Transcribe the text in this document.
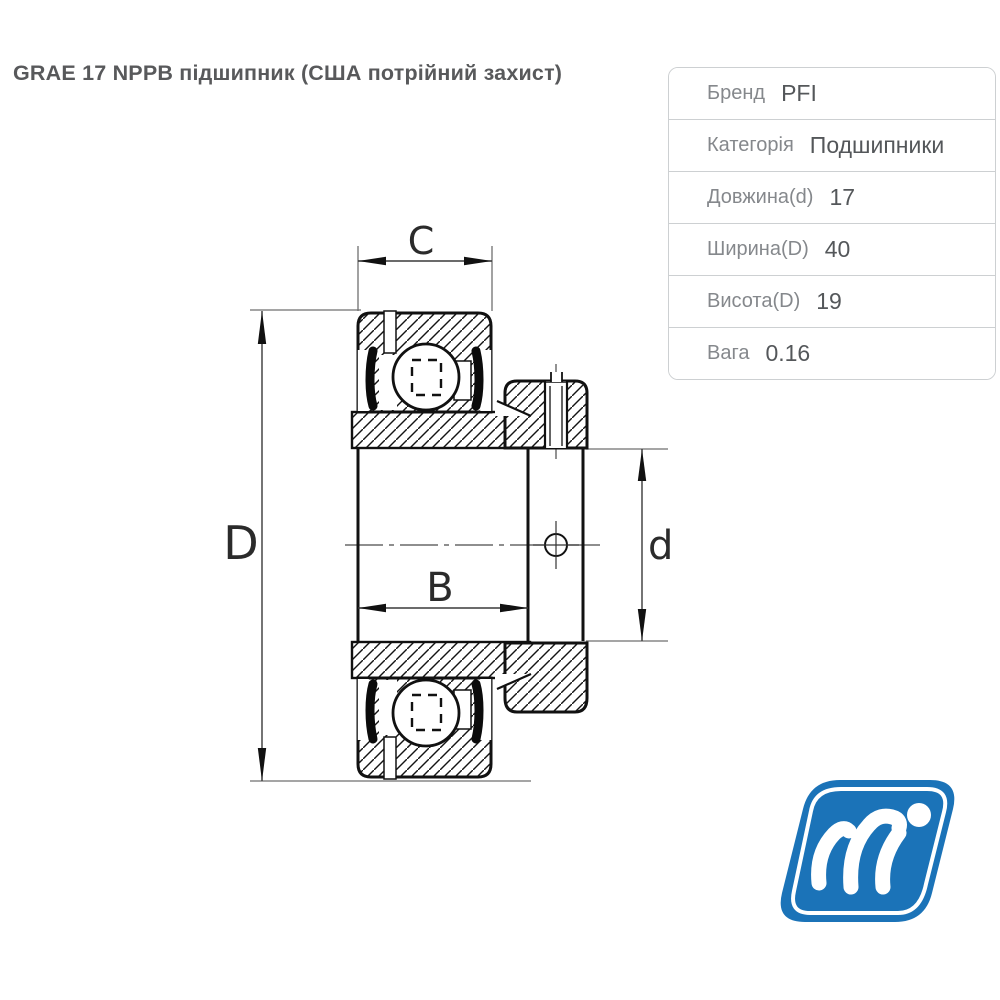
GRAE 17 NPPB підшипник (США потрійний захист)
Бренд PFI
Категорія Подшипники
Довжина(d) 17
Ширина(D) 40
Висота(D) 19
Вага 0.16
C
D
B
d
